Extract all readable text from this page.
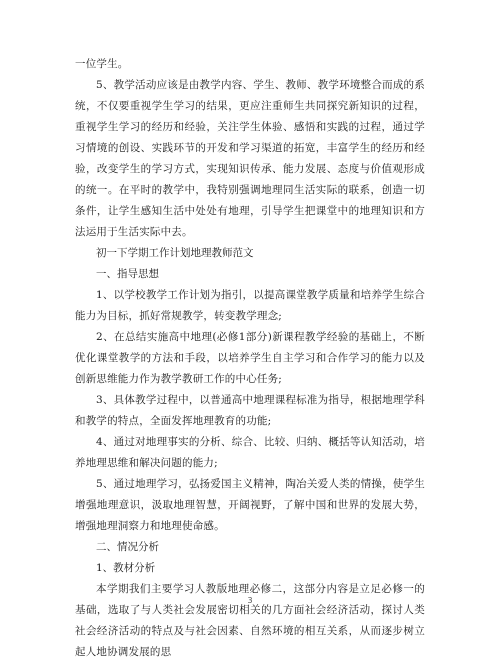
一位学生。

5、教学活动应该是由教学内容、学生、教师、教学环境整合而成的系统，不仅要重视学生学习的结果，更应注重师生共同探究新知识的过程，重视学生学习的经历和经验，关注学生体验、感悟和实践的过程，通过学习情境的创设、实践环节的开发和学习渠道的拓宽，丰富学生的经历和经验，改变学生的学习方式，实现知识传承、能力发展、态度与价值观形成的统一。在平时的教学中，我特别强调地理同生活实际的联系，创造一切条件，让学生感知生活中处处有地理，引导学生把课堂中的地理知识和方法运用于生活实际中去。

初一下学期工作计划地理教师范文

一、指导思想

1、以学校教学工作计划为指引，以提高课堂教学质量和培养学生综合能力为目标，抓好常规教学，转变教学理念;

2、在总结实施高中地理(必修1部分)新课程教学经验的基础上，不断优化课堂教学的方法和手段，以培养学生自主学习和合作学习的能力以及创新思维能力作为教学教研工作的中心任务;

3、具体教学过程中，以普通高中地理课程标准为指导，根据地理学科和教学的特点，全面发挥地理教育的功能;

4、通过对地理事实的分析、综合、比较、归纳、概括等认知活动，培养地理思维和解决问题的能力;

5、通过地理学习，弘扬爱国主义精神，陶冶关爱人类的情操，使学生增强地理意识，汲取地理智慧，开阔视野，了解中国和世界的发展大势，增强地理洞察力和地理使命感。

二、情况分析

1、教材分析

本学期我们主要学习人教版地理必修二，这部分内容是立足必修一的基础，选取了与人类社会发展密切相关的几方面社会经济活动，探讨人类社会经济活动的特点及与社会因素、自然环境的相互关系，从而逐步树立起人地协调发展的思

3
